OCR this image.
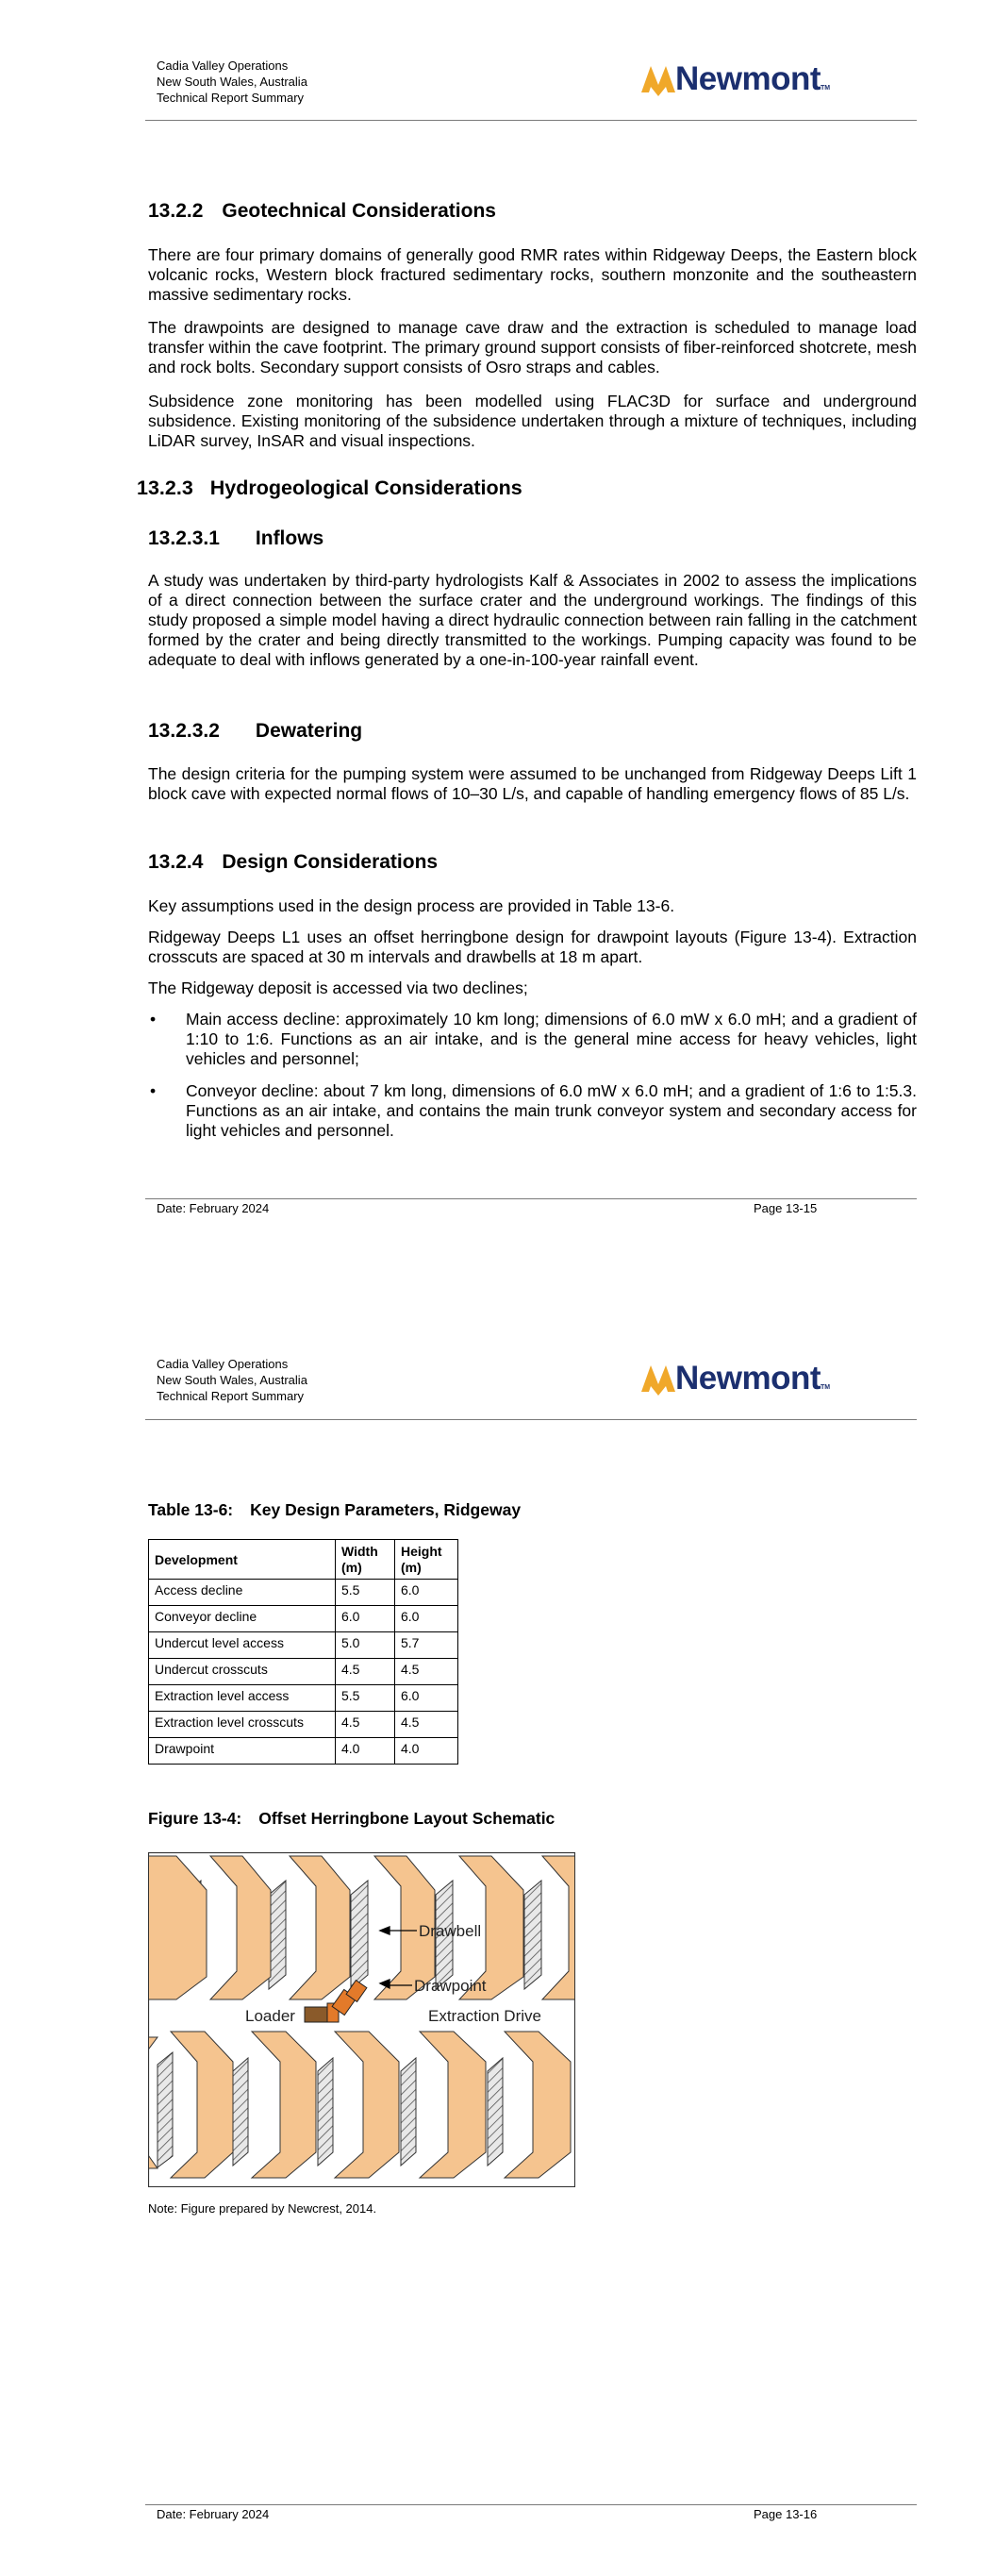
Cadia Valley Operations
New South Wales, Australia
Technical Report Summary
NewmontTM
13.2.2 Geotechnical Considerations
There are four primary domains of generally good RMR rates within Ridgeway Deeps, the Eastern block volcanic rocks, Western block fractured sedimentary rocks, southern monzonite and the southeastern massive sedimentary rocks.
The drawpoints are designed to manage cave draw and the extraction is scheduled to manage load transfer within the cave footprint. The primary ground support consists of fiber-reinforced shotcrete, mesh and rock bolts. Secondary support consists of Osro straps and cables.
Subsidence zone monitoring has been modelled using FLAC3D for surface and underground subsidence. Existing monitoring of the subsidence undertaken through a mixture of techniques, including LiDAR survey, InSAR and visual inspections.
13.2.3 Hydrogeological Considerations
13.2.3.1 Inflows
A study was undertaken by third-party hydrologists Kalf & Associates in 2002 to assess the implications of a direct connection between the surface crater and the underground workings. The findings of this study proposed a simple model having a direct hydraulic connection between rain falling in the catchment formed by the crater and being directly transmitted to the workings. Pumping capacity was found to be adequate to deal with inflows generated by a one-in-100-year rainfall event.
13.2.3.2 Dewatering
The design criteria for the pumping system were assumed to be unchanged from Ridgeway Deeps Lift 1 block cave with expected normal flows of 10–30 L/s, and capable of handling emergency flows of 85 L/s.
13.2.4 Design Considerations
Key assumptions used in the design process are provided in Table 13-6.
Ridgeway Deeps L1 uses an offset herringbone design for drawpoint layouts (Figure 13-4). Extraction crosscuts are spaced at 30 m intervals and drawbells at 18 m apart.
The Ridgeway deposit is accessed via two declines;
• Main access decline: approximately 10 km long; dimensions of 6.0 mW x 6.0 mH; and a gradient of 1:10 to 1:6. Functions as an air intake, and is the general mine access for heavy vehicles, light vehicles and personnel;
• Conveyor decline: about 7 km long, dimensions of 6.0 mW x 6.0 mH; and a gradient of 1:6 to 1:5.3. Functions as an air intake, and contains the main trunk conveyor system and secondary access for light vehicles and personnel.
Date: February 2024	Page 13-15
Cadia Valley Operations
New South Wales, Australia
Technical Report Summary	NewmontTM
Table 13-6: Key Design Parameters, Ridgeway
Development	Width (m)	Height (m)
Access decline	5.5	6.0
Conveyor decline	6.0	6.0
Undercut level access	5.0	5.7
Undercut crosscuts	4.5	4.5
Extraction level access	5.5	6.0
Extraction level crosscuts	4.5	4.5
Drawpoint	4.0	4.0
Figure 13-4: Offset Herringbone Layout Schematic
Drawbell
Drawpoint
Loader	Extraction Drive
Note: Figure prepared by Newcrest, 2014.
Date: February 2024	Page 13-16
